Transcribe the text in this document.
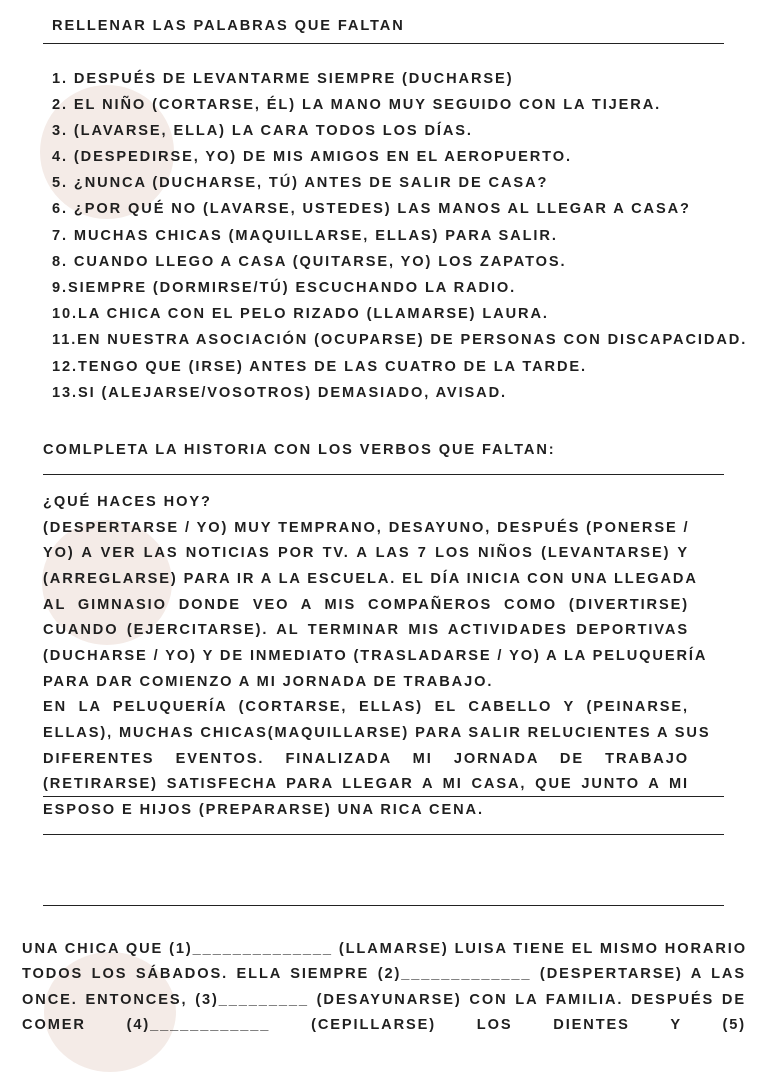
RELLENAR LAS PALABRAS QUE FALTAN
1. DESPUÉS DE LEVANTARME SIEMPRE (DUCHARSE)
2. EL NIÑO (CORTARSE, ÉL) LA MANO MUY SEGUIDO CON LA TIJERA.
3. (LAVARSE, ELLA) LA CARA TODOS LOS DÍAS.
4. (DESPEDIRSE, YO) DE MIS AMIGOS EN EL AEROPUERTO.
5. ¿NUNCA (DUCHARSE, TÚ) ANTES DE SALIR DE CASA?
6. ¿POR QUÉ NO (LAVARSE, USTEDES) LAS MANOS AL LLEGAR A CASA?
7. MUCHAS CHICAS (MAQUILLARSE, ELLAS) PARA SALIR.
8. CUANDO LLEGO A CASA (QUITARSE, YO) LOS ZAPATOS.
9.SIEMPRE (DORMIRSE/TÚ) ESCUCHANDO LA RADIO.
10.LA CHICA CON EL PELO RIZADO (LLAMARSE) LAURA.
11.EN NUESTRA ASOCIACIÓN (OCUPARSE) DE PERSONAS CON DISCAPACIDAD.
12.TENGO QUE (IRSE) ANTES DE LAS CUATRO DE LA TARDE.
13.SI (ALEJARSE/VOSOTROS) DEMASIADO, AVISAD.
COMLPLETA LA HISTORIA CON LOS VERBOS QUE FALTAN:
¿QUÉ HACES HOY?
(DESPERTARSE / YO) MUY TEMPRANO, DESAYUNO, DESPUÉS (PONERSE /
YO) A VER LAS NOTICIAS POR TV. A LAS 7 LOS NIÑOS (LEVANTARSE) Y
(ARREGLARSE) PARA IR A LA ESCUELA. EL DÍA INICIA CON UNA LLEGADA
AL GIMNASIO DONDE VEO A MIS COMPAÑEROS COMO (DIVERTIRSE)
CUANDO (EJERCITARSE). AL TERMINAR MIS ACTIVIDADES DEPORTIVAS
(DUCHARSE / YO) Y DE INMEDIATO (TRASLADARSE / YO) A LA PELUQUERÍA
PARA DAR COMIENZO A MI JORNADA DE TRABAJO.
EN LA PELUQUERÍA (CORTARSE, ELLAS) EL CABELLO Y (PEINARSE,
ELLAS), MUCHAS CHICAS(MAQUILLARSE) PARA SALIR RELUCIENTES A SUS
DIFERENTES EVENTOS. FINALIZADA MI JORNADA DE TRABAJO
(RETIRARSE) SATISFECHA PARA LLEGAR A MI CASA, QUE JUNTO A MI
ESPOSO E HIJOS (PREPARARSE) UNA RICA CENA.
UNA CHICA QUE (1)______________ (LLAMARSE) LUISA TIENE EL MISMO HORARIO
TODOS LOS SÁBADOS. ELLA SIEMPRE (2)_____________ (DESPERTARSE) A LAS
ONCE. ENTONCES, (3)_________ (DESAYUNARSE) CON LA FAMILIA. DESPUÉS DE
COMER (4)____________ (CEPILLARSE) LOS DIENTES Y (5)
